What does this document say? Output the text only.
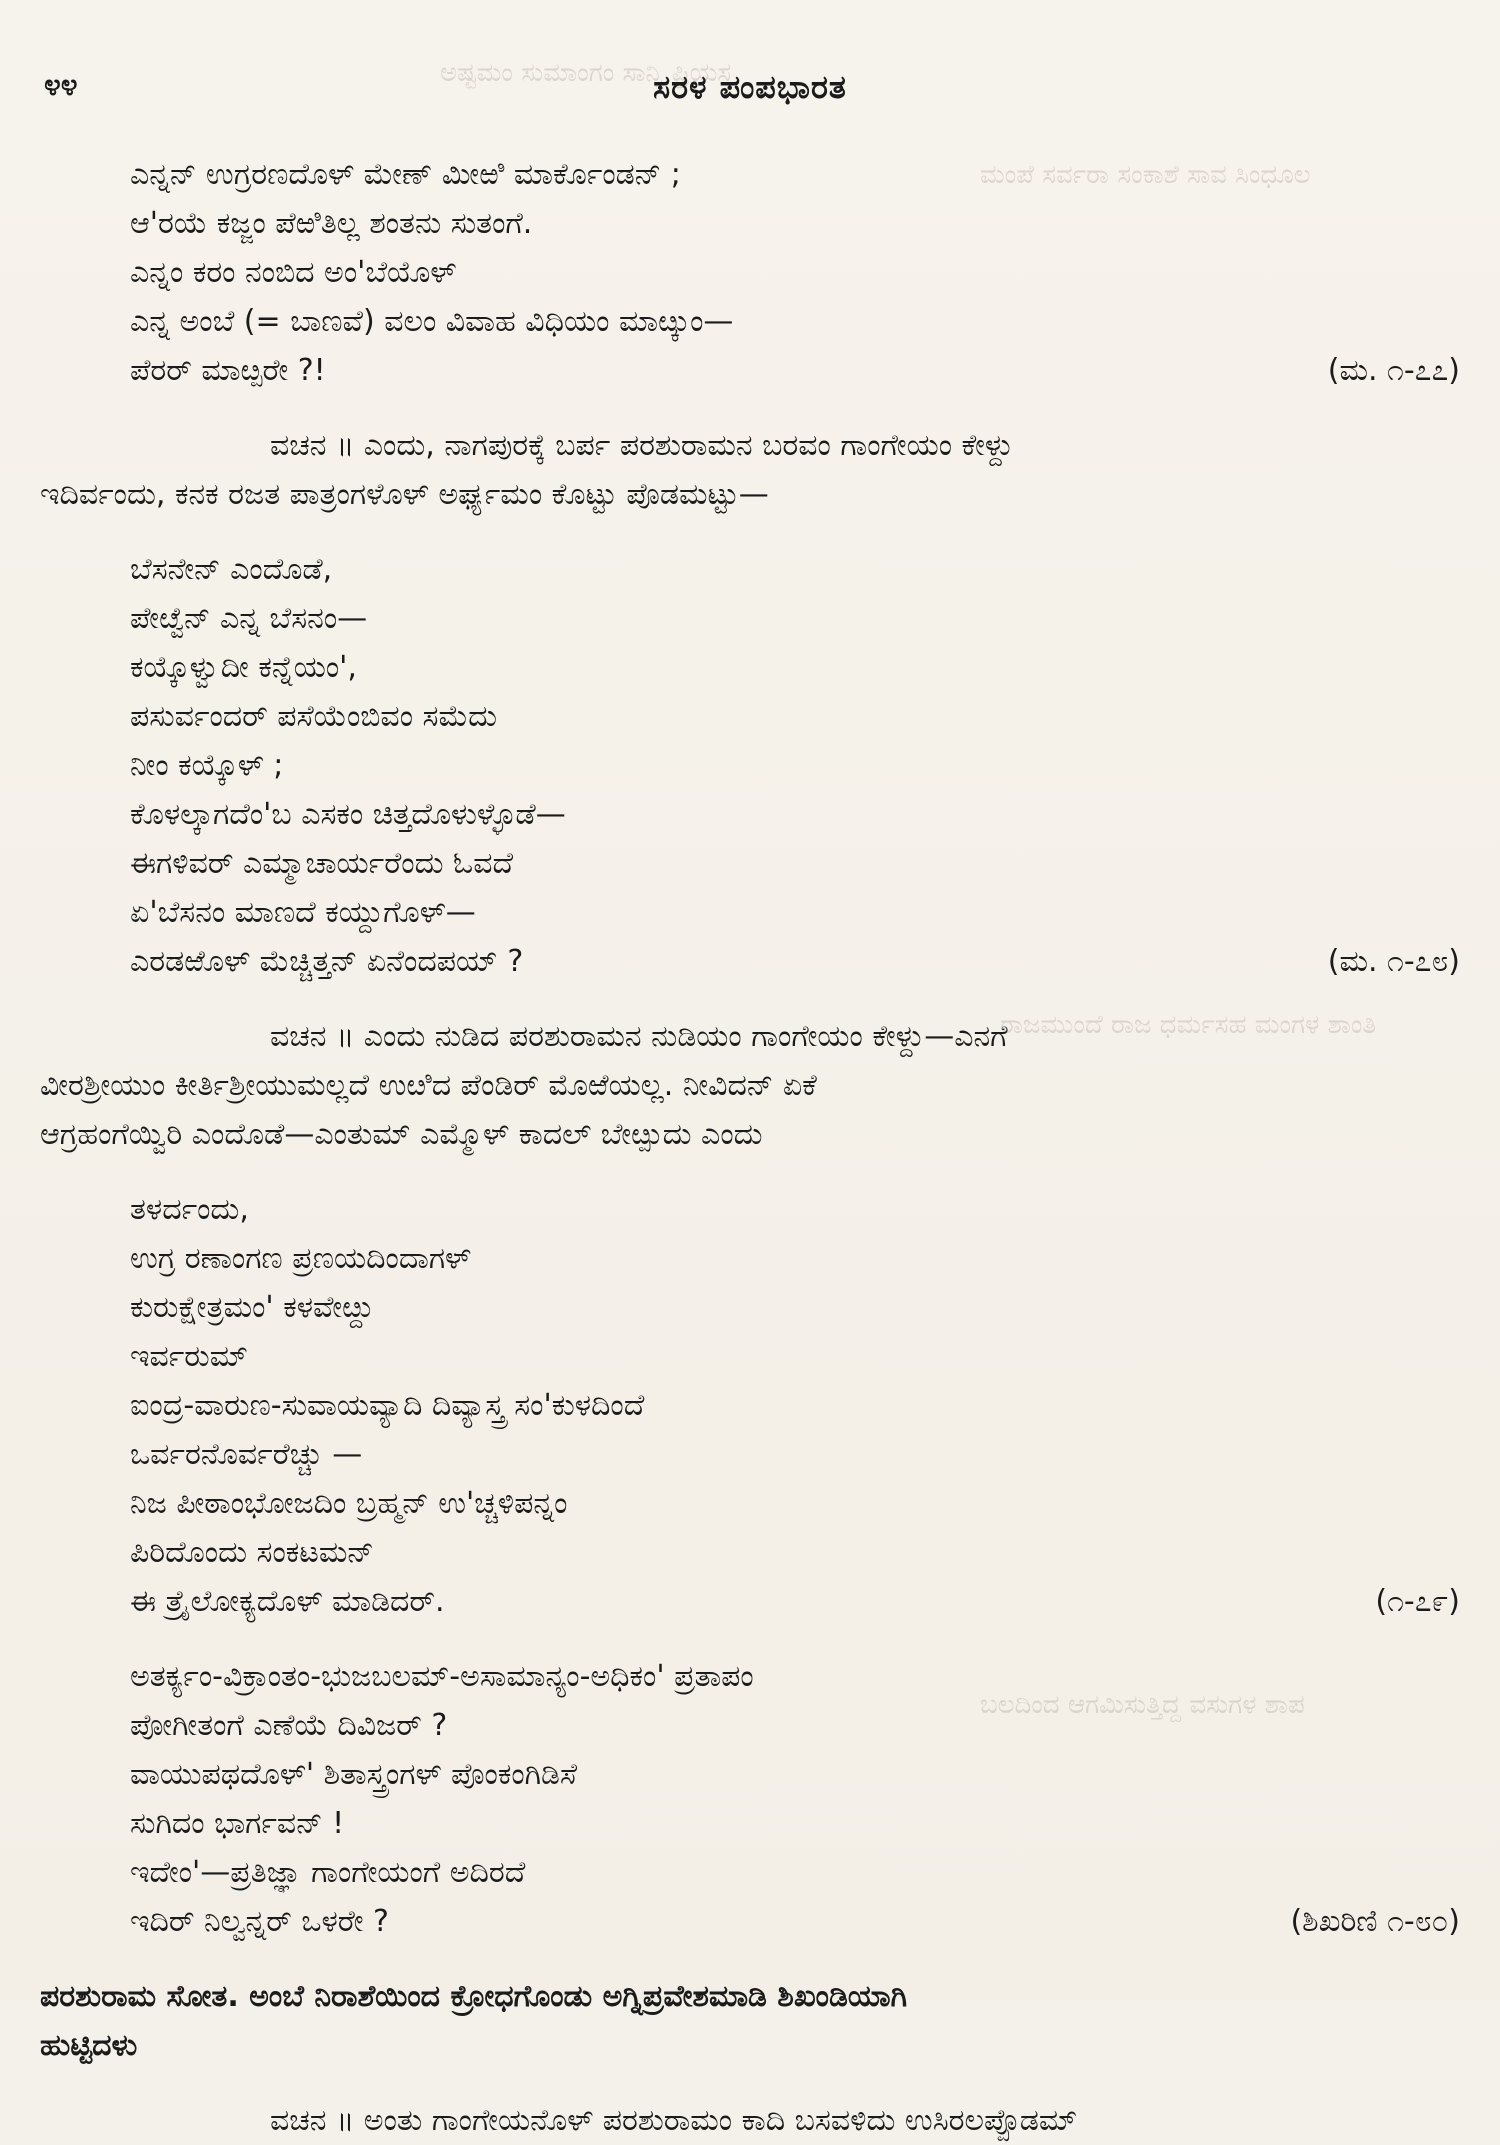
ಅಷ್ಟಮಂ ಸುಮಾಂಗಂ ಸಾನ್ನಿ ಪ್ರಿಯಸ
ಮಂಪೆ ಸರ್ವರಾ ಸಂಕಾಶೆ ಸಾವ ಸಿಂಧೂಲ
ರಾಜಮುಂದೆ ರಾಜ ಧರ್ಮಸಹ ಮಂಗಳ ಶಾಂತಿ
ಬಲದಿಂದ ಆಗಮಿಸುತ್ತಿದ್ದ ವಸುಗಳ ಶಾಪ
೪೪	ಸರಳ ಪಂಪಭಾರತ
ಎನ್ನನ್ ಉಗ್ರರಣದೊಳ್ ಮೇಣ್ ಮೀಱಿ ಮಾರ್ಕೊಂಡನ್ ;
ಆ'ರಯೆ ಕಜ್ಜಂ ಪೆಱಿತಿಲ್ಲ ಶಂತನು ಸುತಂಗೆ.
ಎನ್ನಂ ಕರಂ ನಂಬಿದ ಅಂ'ಬೆಯೊಳ್
ಎನ್ನ ಅಂಬೆ (= ಬಾಣವೆ) ವಲಂ ವಿವಾಹ ವಿಧಿಯಂ ಮಾೞ್ಕುಂ—
ಪೆರರ್ ಮಾೞ್ಪರೇ ?!	(ಮ. ೧-೭೭)
ವಚನ ॥ ಎಂದು, ನಾಗಪುರಕ್ಕೆ ಬರ್ಪ ಪರಶುರಾಮನ ಬರವಂ ಗಾಂಗೇಯಂ ಕೇಳ್ದು
ಇದಿರ್ವಂದು, ಕನಕ ರಜತ ಪಾತ್ರಂಗಳೊಳ್ ಅರ್ಘ್ಯಮಂ ಕೊಟ್ಟು ಪೊಡಮಟ್ಟು—
ಬೆಸನೇನ್ ಎಂದೊಡೆ,
ಪೇೞ್ವೆನ್ ಎನ್ನ ಬೆಸನಂ—
ಕಯ್ಕೊಳ್ವುದೀ ಕನ್ನೆಯಂ',
ಪಸುರ್ವಂದರ್ ಪಸೆಯೆಂಬಿವಂ ಸಮೆದು
ನೀಂ ಕಯ್ಕೊಳ್ ;
ಕೊಳಲ್ಕಾಗದೆಂ'ಬ ಎಸಕಂ ಚಿತ್ತದೊಳುಳ್ಳೊಡೆ—
ಈಗಳಿವರ್ ಎಮ್ಮಾಚಾರ್ಯರೆಂದು ಓವದೆ
ಏ'ಬೆಸನಂ ಮಾಣದೆ ಕಯ್ದುಗೊಳ್—
ಎರಡಱೊಳ್ ಮೆಚ್ಚಿತ್ತನ್ ಏನೆಂದಪಯ್ ?	(ಮ. ೧-೭೮)
ವಚನ ॥ ಎಂದು ನುಡಿದ ಪರಶುರಾಮನ ನುಡಿಯಂ ಗಾಂಗೇಯಂ ಕೇಳ್ದು—ಎನಗೆ
ವೀರಶ್ರೀಯುಂ ಕೀರ್ತಿಶ್ರೀಯುಮಲ್ಲದೆ ಉೞಿದ ಪೆಂಡಿರ್ ಮೊಱೆಯಲ್ಲ. ನೀವಿದನ್ ಏಕೆ
ಆಗ್ರಹಂಗೆಯ್ವಿರಿ ಎಂದೊಡೆ—ಎಂತುಮ್ ಎಮ್ಮೊಳ್ ಕಾದಲ್ ಬೇೞ್ಪುದು ಎಂದು
ತಳರ್ದಂದು,
ಉಗ್ರ ರಣಾಂಗಣ ಪ್ರಣಯದಿಂದಾಗಳ್
ಕುರುಕ್ಷೇತ್ರಮಂ' ಕಳವೇೞ್ದು
ಇರ್ವರುಮ್
ಐಂದ್ರ-ವಾರುಣ-ಸುವಾಯವ್ಯಾದಿ ದಿವ್ಯಾಸ್ತ್ರ ಸಂ'ಕುಳದಿಂದೆ
ಒರ್ವರನೊರ್ವರೆಚ್ಚು —
ನಿಜ ಪೀಠಾಂಭೋಜದಿಂ ಬ್ರಹ್ಮನ್ ಉ'ಚ್ಚಳಿಪನ್ನಂ
ಪಿರಿದೊಂದು ಸಂಕಟಮನ್
ಈ ತ್ರೈಲೋಕ್ಯದೊಳ್ ಮಾಡಿದರ್.	(೧-೭೯)
ಅತರ್ಕ್ಯಂ-ವಿಕ್ರಾಂತಂ-ಭುಜಬಲಮ್-ಅಸಾಮಾನ್ಯಂ-ಅಧಿಕಂ' ಪ್ರತಾಪಂ
ಪೋಗೀತಂಗೆ ಎಣೆಯೆ ದಿವಿಜರ್ ?
ವಾಯುಪಥದೊಳ್' ಶಿತಾಸ್ತ್ರಂಗಳ್ ಪೊಂಕಂಗಿಡಿಸೆ
ಸುಗಿದಂ ಭಾರ್ಗವನ್ !
ಇದೇಂ'—ಪ್ರತಿಜ್ಞಾ ಗಾಂಗೇಯಂಗೆ ಅದಿರದೆ
ಇದಿರ್ ನಿಲ್ವನ್ನರ್ ಒಳರೇ ?	(ಶಿಖರಿಣಿ ೧-೮೦)
ಪರಶುರಾಮ ಸೋತ. ಅಂಬೆ ನಿರಾಶೆಯಿಂದ ಕ್ರೋಧಗೊಂಡು ಅಗ್ನಿಪ್ರವೇಶಮಾಡಿ ಶಿಖಂಡಿಯಾಗಿ
ಹುಟ್ಟಿದಳು
ವಚನ ॥ ಅಂತು ಗಾಂಗೇಯನೊಳ್ ಪರಶುರಾಮಂ ಕಾದಿ ಬಸವಳಿದು ಉಸಿರಲಪ್ಪೊಡಮ್
